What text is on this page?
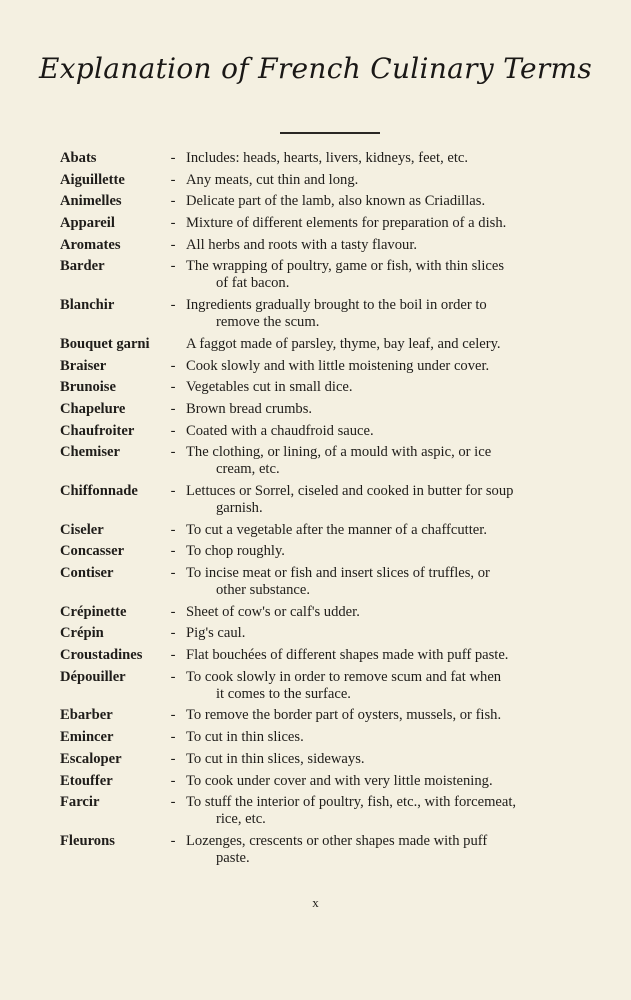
Explanation of French Culinary Terms
Abats	- Includes: heads, hearts, livers, kidneys, feet, etc.
Aiguillette	- Any meats, cut thin and long.
Animelles	- Delicate part of the lamb, also known as Criadillas.
Appareil	- Mixture of different elements for preparation of a dish.
Aromates	- All herbs and roots with a tasty flavour.
Barder	- The wrapping of poultry, game or fish, with thin slices
of fat bacon.
Blanchir	- Ingredients gradually brought to the boil in order to
remove the scum.
Bouquet garni A faggot made of parsley, thyme, bay leaf, and celery.
Braiser	- Cook slowly and with little moistening under cover.
Brunoise	- Vegetables cut in small dice.
Chapelure	- Brown bread crumbs.
Chaufroiter - Coated with a chaudfroid sauce.
Chemiser	- The clothing, or lining, of a mould with aspic, or ice
cream, etc.
Chiffonnade - Lettuces or Sorrel, ciseled and cooked in butter for soup
garnish.
Ciseler	- To cut a vegetable after the manner of a chaffcutter.
Concasser	- To chop roughly.
Contiser	- To incise meat or fish and insert slices of truffles, or
other substance.
Crépinette	- Sheet of cow's or calf's udder.
Crépin	- Pig's caul.
Croustadines - Flat bouchées of different shapes made with puff paste.
Dépouiller	- To cook slowly in order to remove scum and fat when
it comes to the surface.
Ebarber	- To remove the border part of oysters, mussels, or fish.
Emincer	- To cut in thin slices.
Escaloper	- To cut in thin slices, sideways.
Etouffer	- To cook under cover and with very little moistening.
Farcir	- To stuff the interior of poultry, fish, etc., with forcemeat,
rice, etc.
Fleurons	- Lozenges, crescents or other shapes made with puff
paste.
x
